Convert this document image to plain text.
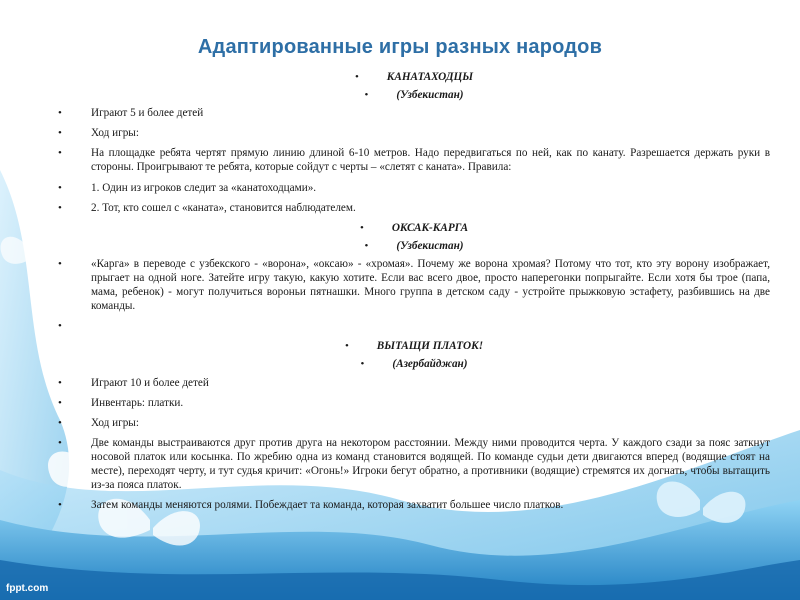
Адаптированные игры разных народов
•	КАНАТАХОДЦЫ
•	(Узбекистан)
•	Играют 5 и более детей
•	Ход игры:
•	На площадке ребята чертят прямую линию длиной 6-10 метров. Надо передвигаться по ней, как по канату. Разрешается держать руки в стороны. Проигрывают те ребята, которые сойдут с черты – «слетят с каната». Правила:
•	1. Один из игроков следит за «канатоходцами».
•	2. Тот, кто сошел с «каната», становится наблюдателем.
•	ОКСАК-КАРГА
•	(Узбекистан)
•	«Карга» в переводе с узбекского - «ворона», «оксаю» - «хромая». Почему же ворона хромая? Потому что тот, кто эту ворону изображает, прыгает на одной ноге. Затейте игру такую, какую хотите. Если вас всего двое, просто наперегонки попрыгайте. Если хотя бы трое (папа, мама, ребенок) - могут получиться вороньи пятнашки. Много группа в детском саду - устройте прыжковую эстафету, разбившись на две команды.
•
•	ВЫТАЩИ ПЛАТОК!
•	(Азербайджан)
•	Играют 10 и более детей
•	Инвентарь: платки.
•	Ход игры:
•	Две команды выстраиваются друг против друга на некотором расстоянии. Между ними проводится черта. У каждого сзади за пояс заткнут носовой платок или косынка. По жребию одна из команд становится водящей. По команде судьи дети двигаются вперед (водящие стоят на месте), переходят черту, и тут судья кричит: «Огонь!» Игроки бегут обратно, а противники (водящие) стремятся их догнать, чтобы вытащить из-за пояса платок.
•	Затем команды меняются ролями. Побеждает та команда, которая захватит большее число платков.
fppt.com
